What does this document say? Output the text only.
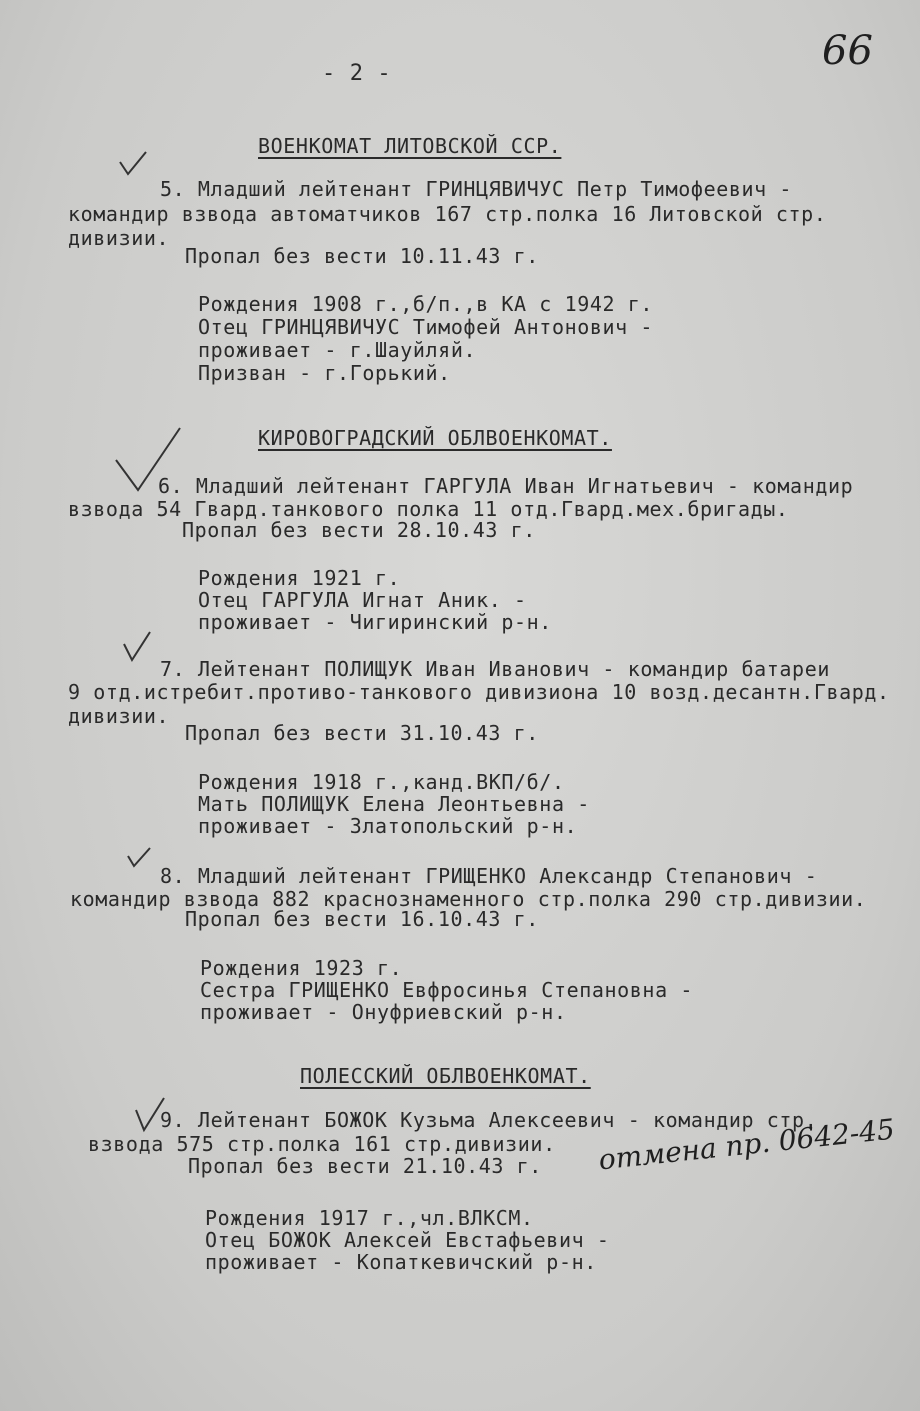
66
- 2 -
ВОЕНКОМАТ ЛИТОВСКОЙ ССР.
5. Младший лейтенант ГРИНЦЯВИЧУС Петр Тимофеевич -
командир взвода автоматчиков 167 стр.полка 16 Литовской стр.
дивизии.
Пропал без вести 10.11.43 г.
Рождения 1908 г.,б/п.,в КА с 1942 г.
Отец ГРИНЦЯВИЧУС Тимофей Антонович -
проживает - г.Шауйляй.
Призван - г.Горький.
КИРОВОГРАДСКИЙ ОБЛВОЕНКОМАТ.
6. Младший лейтенант ГАРГУЛА Иван Игнатьевич - командир
взвода 54 Гвард.танкового полка 11 отд.Гвард.мех.бригады.
Пропал без вести 28.10.43 г.
Рождения 1921 г.
Отец ГАРГУЛА Игнат Аник. -
проживает - Чигиринский р-н.
7. Лейтенант ПОЛИЩУК Иван Иванович - командир батареи
9 отд.истребит.противо-танкового дивизиона 10 возд.десантн.Гвард.
дивизии.
Пропал без вести 31.10.43 г.
Рождения 1918 г.,канд.ВКП/б/.
Мать ПОЛИЩУК Елена Леонтьевна -
проживает - Златопольский р-н.
8. Младший лейтенант ГРИЩЕНКО Александр Степанович -
командир взвода 882 краснознаменного стр.полка 290 стр.дивизии.
Пропал без вести 16.10.43 г.
Рождения 1923 г.
Сестра ГРИЩЕНКО Евфросинья Степановна -
проживает - Онуфриевский р-н.
ПОЛЕССКИЙ ОБЛВОЕНКОМАТ.
9. Лейтенант БОЖОК Кузьма Алексеевич - командир стр.
взвода 575 стр.полка 161 стр.дивизии.
Пропал без вести 21.10.43 г. отмена пр. 0642-45
Рождения 1917 г.,чл.ВЛКСМ.
Отец БОЖОК Алексей Евстафьевич -
проживает - Копаткевичский р-н.
